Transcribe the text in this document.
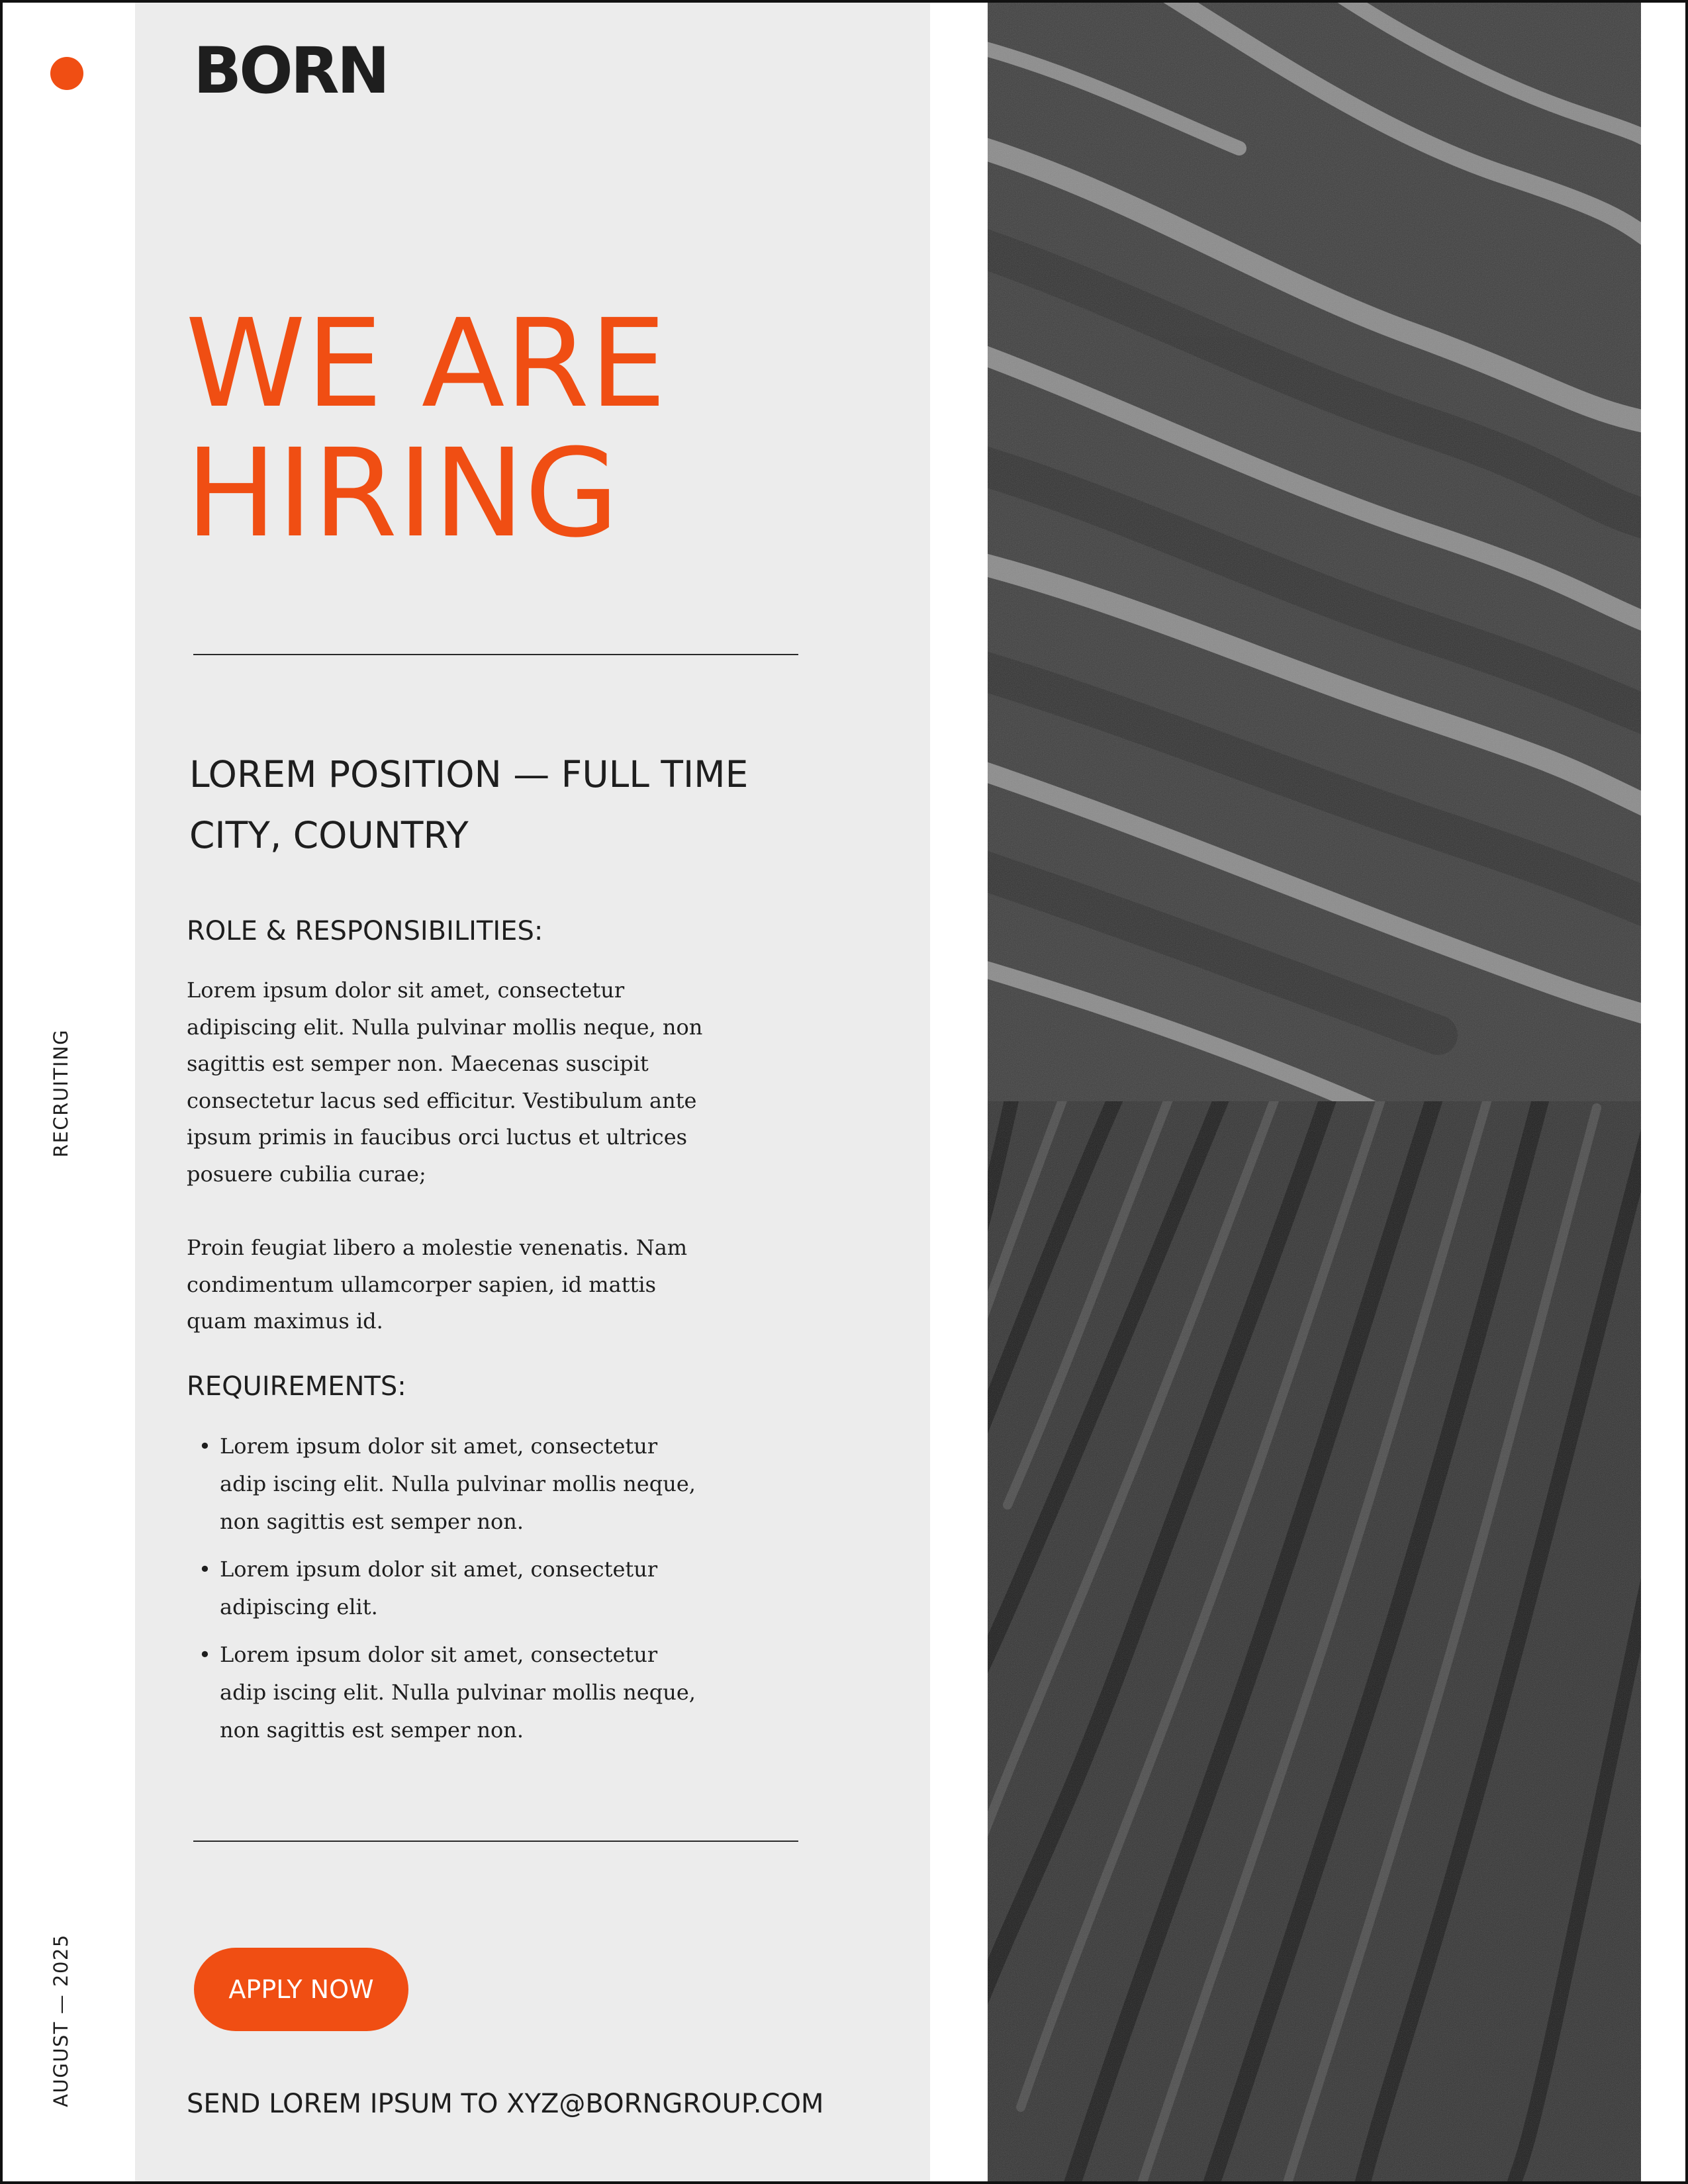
RECRUITING
AUGUST — 2025
BORN
WE ARE
HIRING
LOREM POSITION — FULL TIME
CITY, COUNTRY
ROLE & RESPONSIBILITIES:
Lorem ipsum dolor sit amet, consectetur adipiscing elit. Nulla pulvinar mollis neque, non sagittis est semper non. Maecenas suscipit consectetur lacus sed efficitur. Vestibulum ante ipsum primis in faucibus orci luctus et ultrices posuere cubilia curae;
Proin feugiat libero a molestie venenatis. Nam condimentum ullamcorper sapien, id mattis quam maximus id.
REQUIREMENTS:
• Lorem ipsum dolor sit amet, consectetur adip iscing elit. Nulla pulvinar mollis neque, non sagittis est semper non.
• Lorem ipsum dolor sit amet, consectetur adipiscing elit.
• Lorem ipsum dolor sit amet, consectetur adip iscing elit. Nulla pulvinar mollis neque, non sagittis est semper non.
APPLY NOW
SEND LOREM IPSUM TO XYZ@BORNGROUP.COM
